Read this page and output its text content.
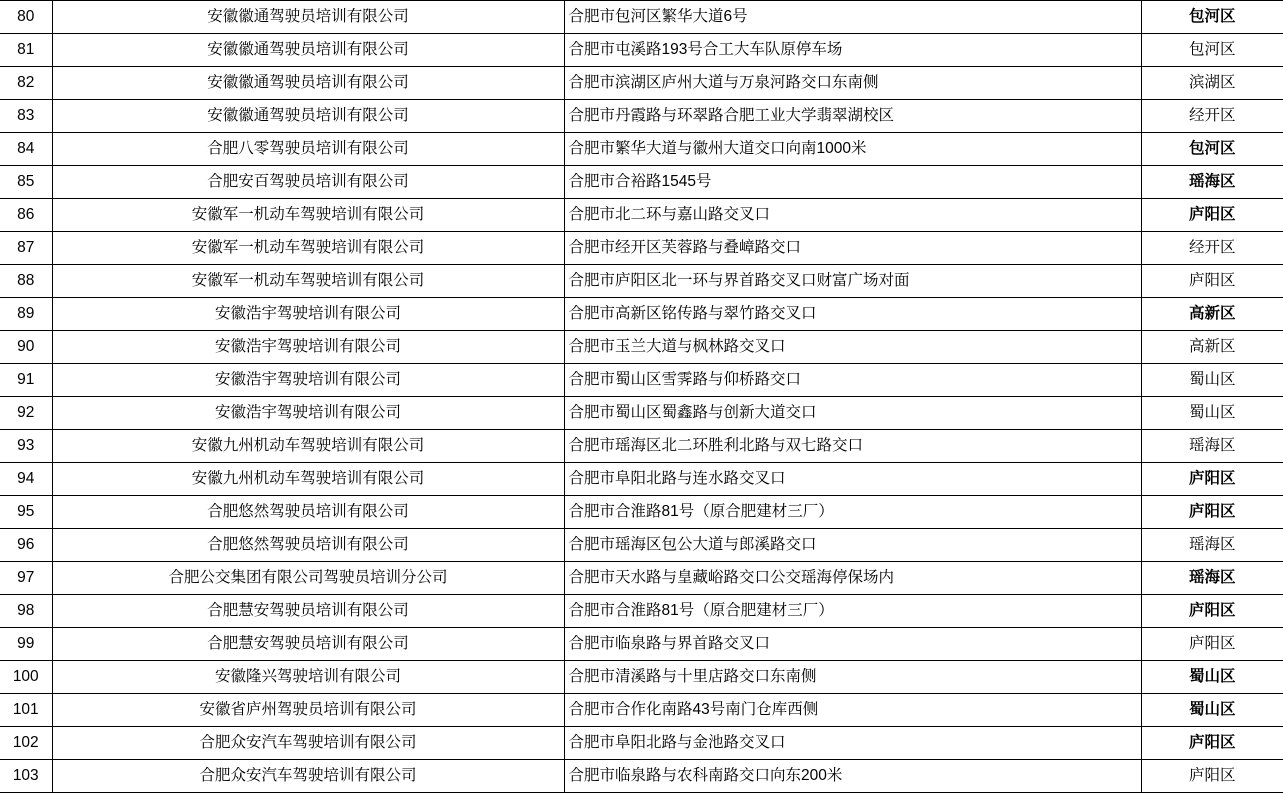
80	安徽徽通驾驶员培训有限公司	合肥市包河区繁华大道6号	包河区
81	安徽徽通驾驶员培训有限公司	合肥市屯溪路193号合工大车队原停车场	包河区
82	安徽徽通驾驶员培训有限公司	合肥市滨湖区庐州大道与万泉河路交口东南侧	滨湖区
83	安徽徽通驾驶员培训有限公司	合肥市丹霞路与环翠路合肥工业大学翡翠湖校区	经开区
84	合肥八零驾驶员培训有限公司	合肥市繁华大道与徽州大道交口向南1000米	包河区
85	合肥安百驾驶员培训有限公司	合肥市合裕路1545号	瑶海区
86	安徽军一机动车驾驶培训有限公司	合肥市北二环与嘉山路交叉口	庐阳区
87	安徽军一机动车驾驶培训有限公司	合肥市经开区芙蓉路与叠嶂路交口	经开区
88	安徽军一机动车驾驶培训有限公司	合肥市庐阳区北一环与界首路交叉口财富广场对面	庐阳区
89	安徽浩宇驾驶培训有限公司	合肥市高新区铭传路与翠竹路交叉口	高新区
90	安徽浩宇驾驶培训有限公司	合肥市玉兰大道与枫林路交叉口	高新区
91	安徽浩宇驾驶培训有限公司	合肥市蜀山区雪霁路与仰桥路交口	蜀山区
92	安徽浩宇驾驶培训有限公司	合肥市蜀山区蜀鑫路与创新大道交口	蜀山区
93	安徽九州机动车驾驶培训有限公司	合肥市瑶海区北二环胜利北路与双七路交口	瑶海区
94	安徽九州机动车驾驶培训有限公司	合肥市阜阳北路与连水路交叉口	庐阳区
95	合肥悠然驾驶员培训有限公司	合肥市合淮路81号（原合肥建材三厂）	庐阳区
96	合肥悠然驾驶员培训有限公司	合肥市瑶海区包公大道与郎溪路交口	瑶海区
97	合肥公交集团有限公司驾驶员培训分公司	合肥市天水路与皇藏峪路交口公交瑶海停保场内	瑶海区
98	合肥慧安驾驶员培训有限公司	合肥市合淮路81号（原合肥建材三厂）	庐阳区
99	合肥慧安驾驶员培训有限公司	合肥市临泉路与界首路交叉口	庐阳区
100	安徽隆兴驾驶培训有限公司	合肥市清溪路与十里店路交口东南侧	蜀山区
101	安徽省庐州驾驶员培训有限公司	合肥市合作化南路43号南门仓库西侧	蜀山区
102	合肥众安汽车驾驶培训有限公司	合肥市阜阳北路与金池路交叉口	庐阳区
103	合肥众安汽车驾驶培训有限公司	合肥市临泉路与农科南路交口向东200米	庐阳区
